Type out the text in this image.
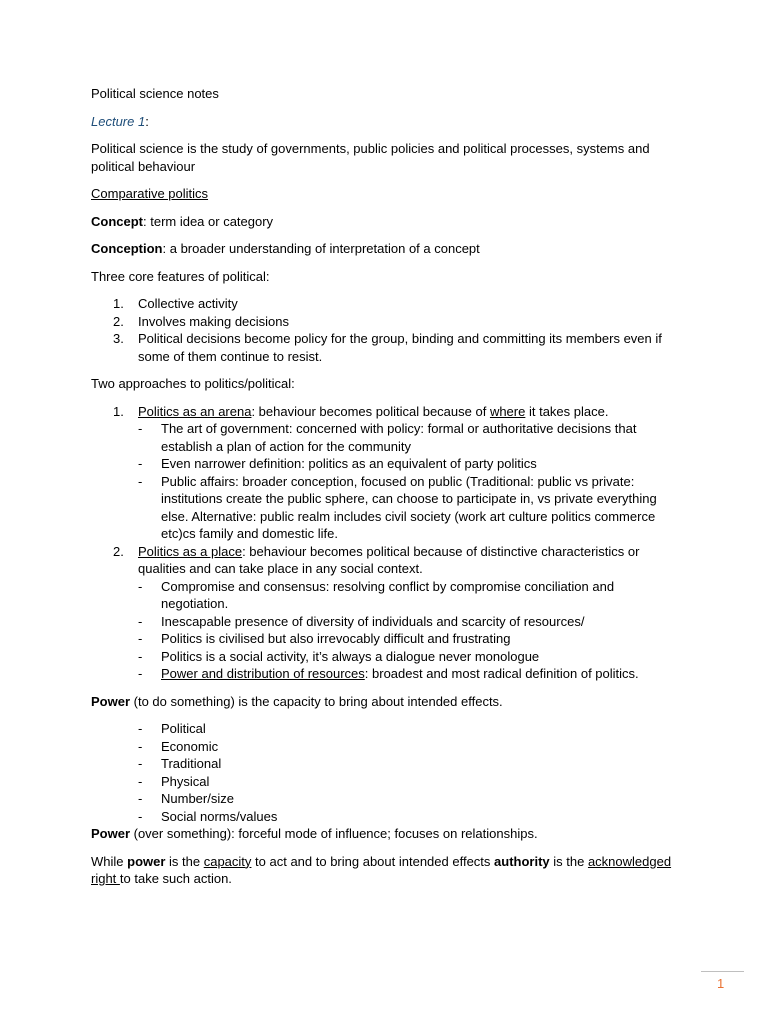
Political science notes

Lecture 1:

Political science is the study of governments, public policies and political processes, systems and political behaviour

Comparative politics

Concept: term idea or category

Conception: a broader understanding of interpretation of a concept

Three core features of political:

1. Collective activity
2. Involves making decisions
3. Political decisions become policy for the group, binding and committing its members even if some of them continue to resist.

Two approaches to politics/political:

1. Politics as an arena: behaviour becomes political because of where it takes place.
- The art of government: concerned with policy: formal or authoritative decisions that establish a plan of action for the community
- Even narrower definition: politics as an equivalent of party politics
- Public affairs: broader conception, focused on public (Traditional: public vs private: institutions create the public sphere, can choose to participate in, vs private everything else. Alternative: public realm includes civil society (work art culture politics commerce etc)cs family and domestic life.
2. Politics as a place: behaviour becomes political because of distinctive characteristics or qualities and can take place in any social context.
- Compromise and consensus: resolving conflict by compromise conciliation and negotiation.
- Inescapable presence of diversity of individuals and scarcity of resources/
- Politics is civilised but also irrevocably difficult and frustrating
- Politics is a social activity, it’s always a dialogue never monologue
- Power and distribution of resources: broadest and most radical definition of politics.

Power (to do something) is the capacity to bring about intended effects.

- Political
- Economic
- Traditional
- Physical
- Number/size
- Social norms/values

Power (over something): forceful mode of influence; focuses on relationships.

While power is the capacity to act and to bring about intended effects authority is the acknowledged right to take such action.

1
